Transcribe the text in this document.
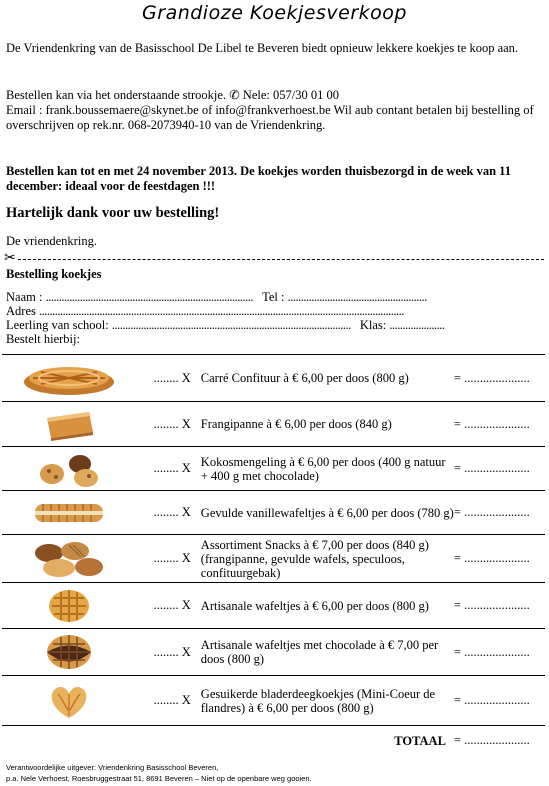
Grandioze Koekjesverkoop
De Vriendenkring van de Basisschool De Libel te Beveren biedt opnieuw lekkere koekjes te koop aan.
Bestellen kan via het onderstaande strookje. ✆ Nele: 057/30 01 00
Email : frank.boussemaere@skynet.be of info@frankverhoest.be Wil aub contant betalen bij bestelling of overschrijven op rek.nr. 068-2073940-10 van de Vriendenkring.
Bestellen kan tot en met 24 november 2013. De koekjes worden thuisbezorgd in de week van 11 december: ideaal voor de feestdagen !!!
Hartelijk dank voor uw bestelling!
De vriendenkring.
✂
Bestelling koekjes
Naam : ............................................................................... Tel : .....................................................
Adres ...........................................................................................................................................
Leerling van school: ........................................................................................... Klas: .....................
Bestelt hierbij:
	........ X	Carré Confituur à € 6,00 per doos (800 g)	= .....................

	........ X	Frangipanne à € 6,00 per doos (840 g)	= .....................

	........ X	Kokosmengeling à € 6,00 per doos (400 g natuur + 400 g met chocolade)	= .....................

	........ X	Gevulde vanillewafeltjes à € 6,00 per doos (780 g)	= .....................

	........ X	Assortiment Snacks à € 7,00 per doos (840 g) (frangipanne, gevulde wafels, speculoos, confituurgebak)	= .....................

	........ X	Artisanale wafeltjes à € 6,00 per doos (800 g)	= .....................

	........ X	Artisanale wafeltjes met chocolade à € 7,00 per doos (800 g)	= .....................

	........ X	Gesuikerde bladerdeegkoekjes (Mini-Coeur de flandres) à € 6,00 per doos (800 g)	= .....................
		TOTAAL	= .....................
Verantwoordelijke uitgever: Vriendenkring Basisschool Beveren,
p.a. Nele Verhoest, Roesbruggestraat 51, 8691 Beveren – Niet op de openbare weg gooien.
